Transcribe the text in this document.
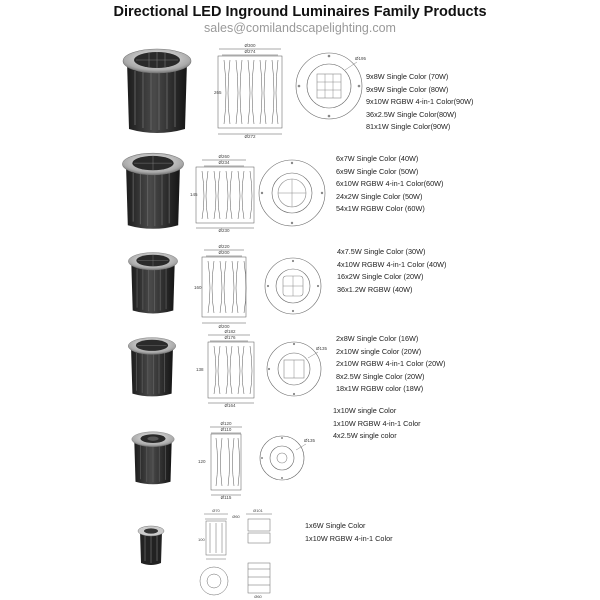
Directional LED Inground Luminaires Family Products
sales@comilandscapelighting.com
Ø300
Ø274
265
Ø272
Ø195
9x8W Single Color (70W)
9x9W Single Color (80W)
9x10W RGBW 4-in-1 Color(90W)
36x2.5W Single Color(80W)
81x1W Single Color(90W)
Ø260
Ø234
145
Ø230
6x7W Single Color (40W)
6x9W Single Color (50W)
6x10W RGBW 4-in-1 Color(60W)
24x2W Single Color (50W)
54x1W RGBW Color (60W)
Ø220
Ø200
160
Ø200
4x7.5W Single Color (30W)
4x10W RGBW 4-in-1 Color (40W)
16x2W Single Color (20W)
36x1.2W RGBW (40W)
Ø182
Ø176
138
Ø164
Ø135
2x8W Single Color (16W)
2x10W single Color (20W)
2x10W RGBW 4-in-1 Color (20W)
8x2.5W Single Color (20W)
18x1W RGBW color (18W)
Ø120
Ø110
120
Ø115
Ø135
1x10W single Color
1x10W RGBW 4-in-1 Color
4x2.5W single color
Ø70
Ø60
100
Ø60
Ø101
1x6W Single Color
1x10W RGBW 4-in-1 Color
